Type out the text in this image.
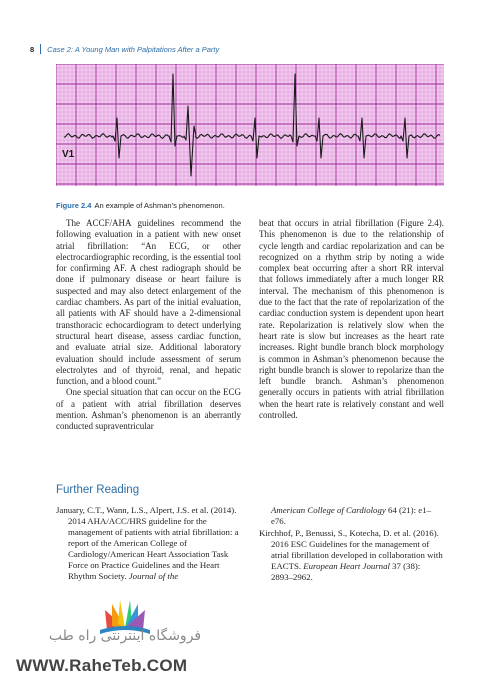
8 Case 2: A Young Man with Palpitations After a Party
V1
Figure 2.4 An example of Ashman’s phenomenon.

The ACCF/AHA guidelines recommend the following evaluation in a patient with new onset atrial fibrillation: “An ECG, or other electrocardiographic recording, is the essential tool for confirming AF. A chest radiograph should be done if pulmonary disease or heart failure is suspected and may also detect enlargement of the cardiac chambers. As part of the initial evaluation, all patients with AF should have a 2-dimensional transthoracic echocardiogram to detect underlying structural heart disease, assess cardiac function, and evaluate atrial size. Additional laboratory evaluation should include assessment of serum electrolytes and of thyroid, renal, and hepatic function, and a blood count.”

One special situation that can occur on the ECG of a patient with atrial fibrillation deserves mention. Ashman’s phenomenon is an aberrantly conducted supraventricular

beat that occurs in atrial fibrillation (Figure 2.4). This phenomenon is due to the relationship of cycle length and cardiac repolarization and can be recognized on a rhythm strip by noting a wide complex beat occurring after a short RR interval that follows immediately after a much longer RR interval. The mechanism of this phenomenon is due to the fact that the rate of repolarization of the cardiac conduction system is dependent upon heart rate. Repolarization is relatively slow when the heart rate is slow but increases as the heart rate increases. Right bundle branch block morphology is common in Ashman’s phenomenon because the right bundle branch is slower to repolarize than the left bundle branch. Ashman’s phenomenon generally occurs in patients with atrial fibrillation when the heart rate is relatively constant and well controlled.

Further Reading

January, C.T., Wann, L.S., Alpert, J.S. et al. (2014). 2014 AHA/ACC/HRS guideline for the management of patients with atrial fibrillation: a report of the American College of Cardiology/American Heart Association Task Force on Practice Guidelines and the Heart Rhythm Society. Journal of the

American College of Cardiology 64 (21): e1–e76.

Kirchhof, P., Benussi, S., Kotecha, D. et al. (2016). 2016 ESC Guidelines for the management of atrial fibrillation developed in collaboration with EACTS. European Heart Journal 37 (38): 2893–2962.

فروشگاه اینترنتی راه طب
WWW.RaheTeb.COM
